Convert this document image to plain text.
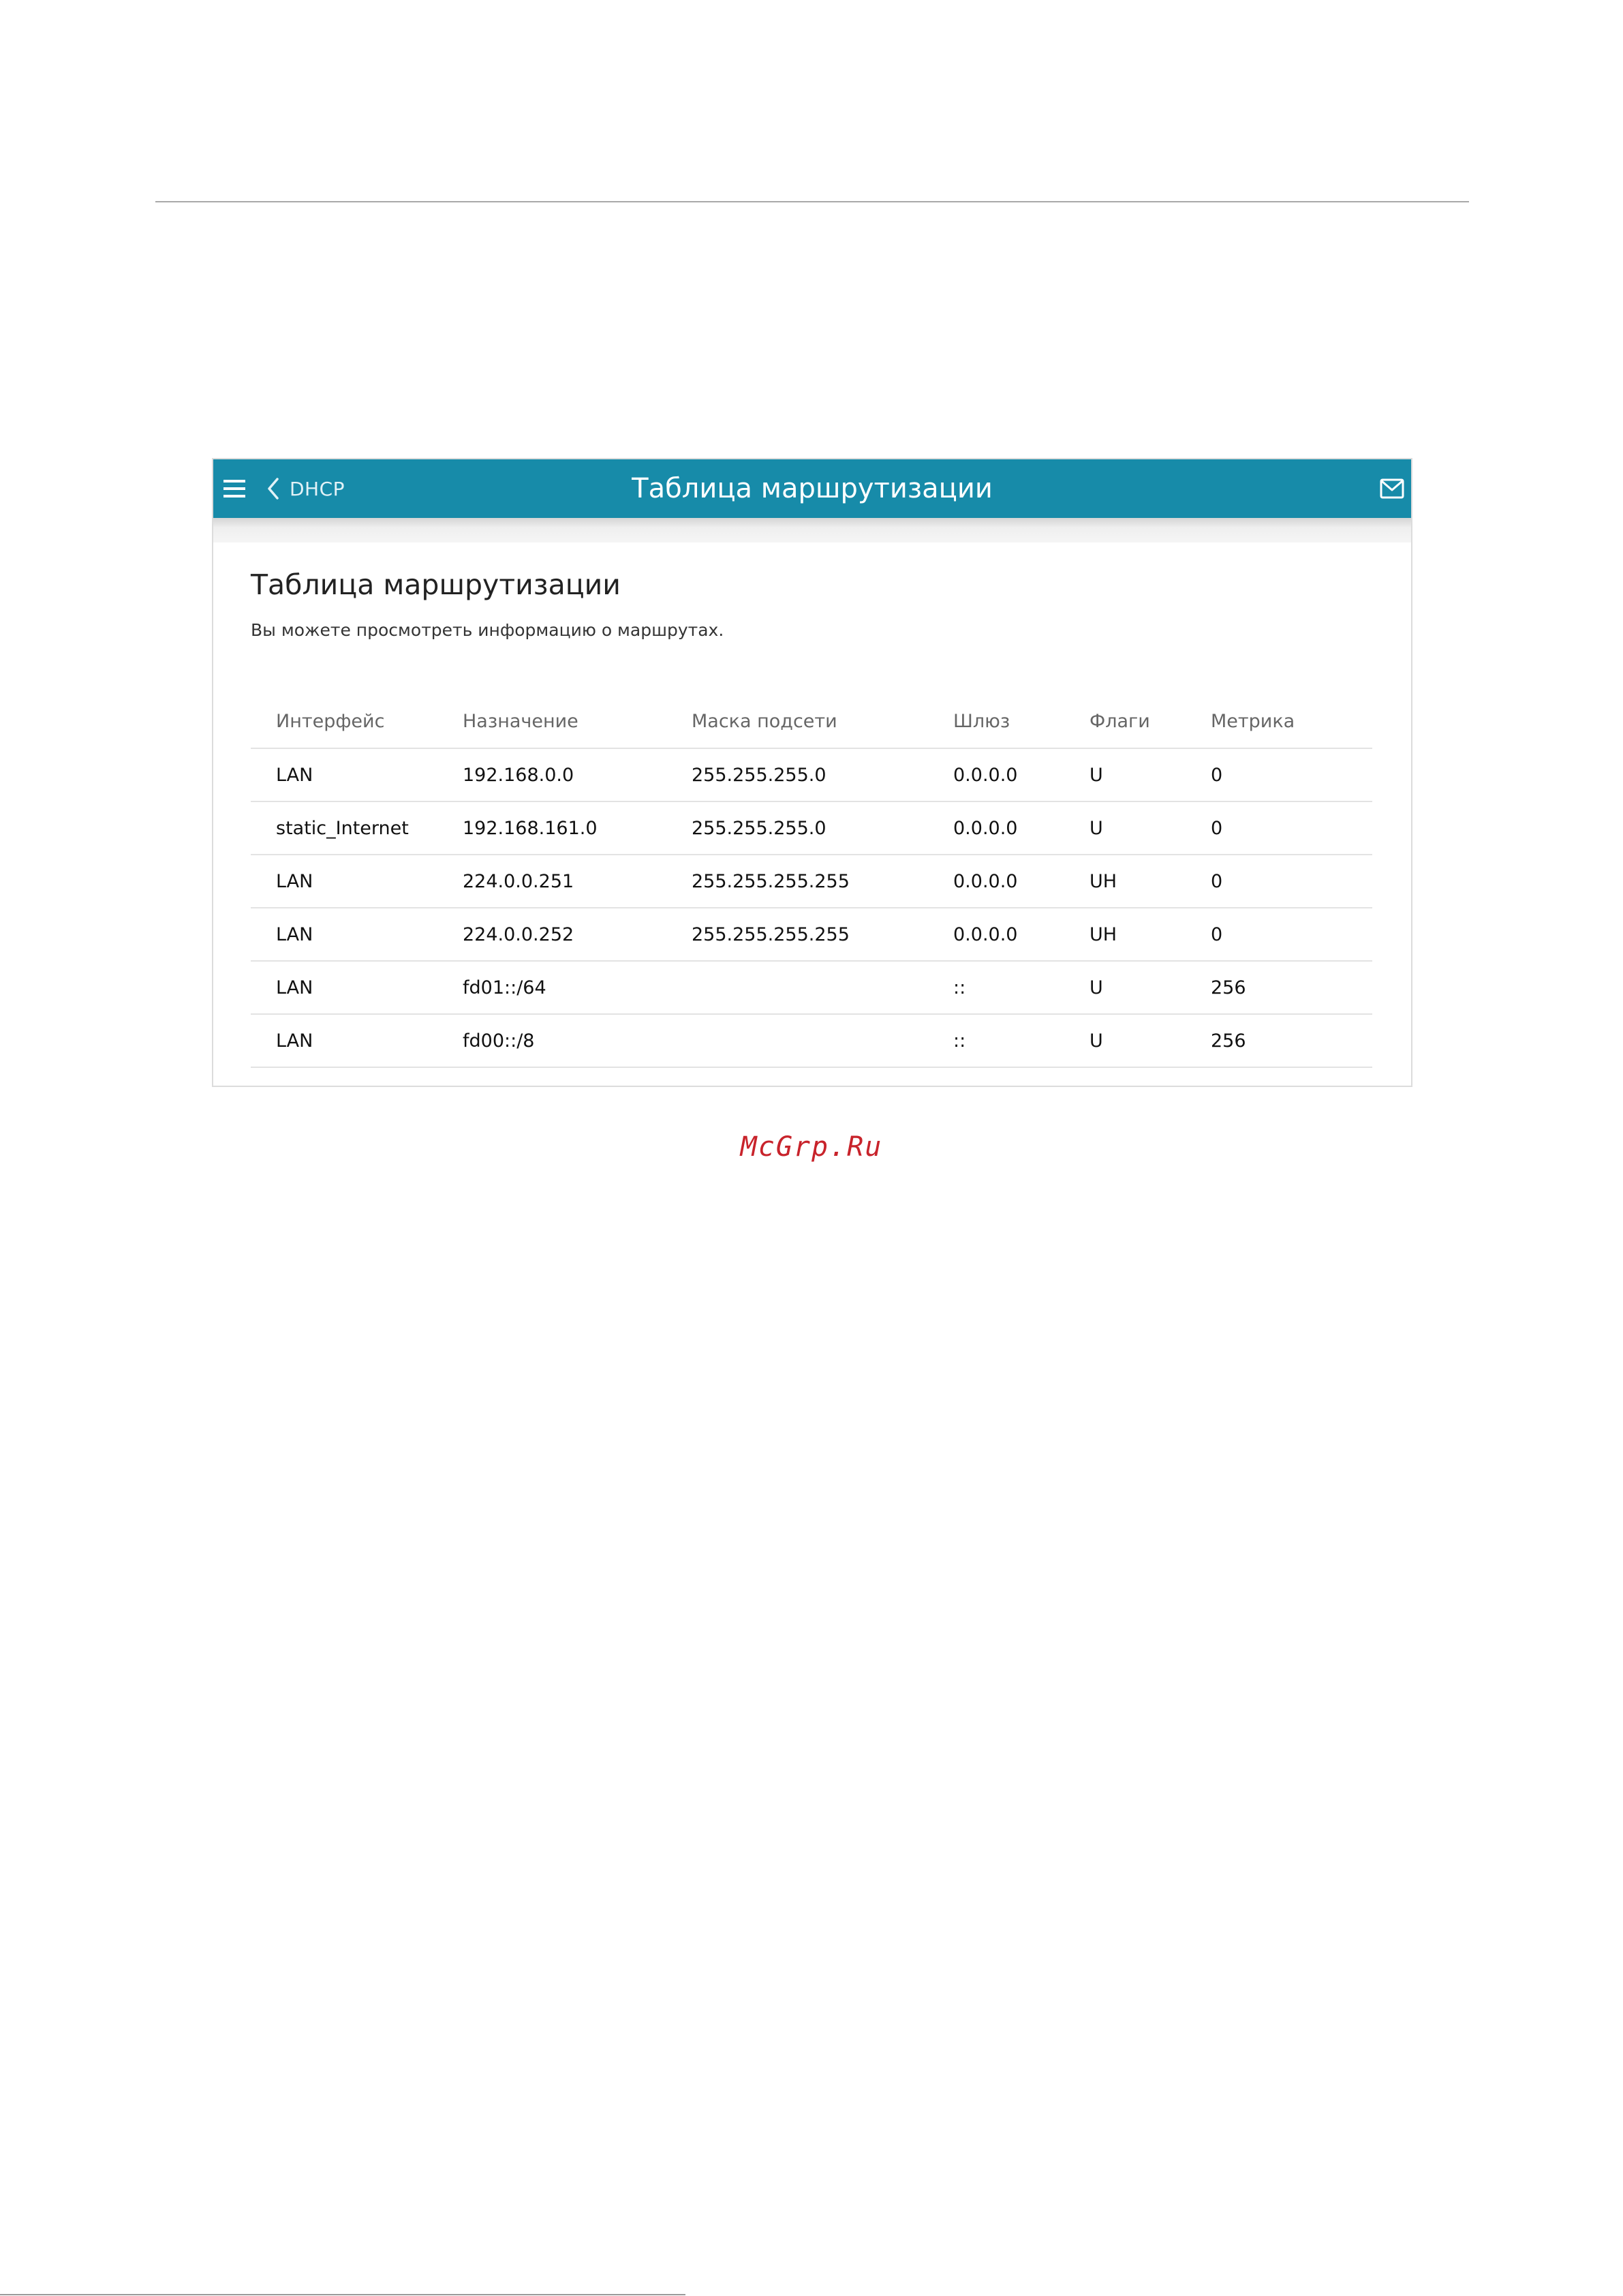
DHCP	Таблица маршрутизации
Таблица маршрутизации
Вы можете просмотреть информацию о маршрутах.
Интерфейс	Назначение	Маска подсети	Шлюз	Флаги	Метрика
LAN	192.168.0.0	255.255.255.0	0.0.0.0	U	0
static_Internet	192.168.161.0	255.255.255.0	0.0.0.0	U	0
LAN	224.0.0.251	255.255.255.255	0.0.0.0	UH	0
LAN	224.0.0.252	255.255.255.255	0.0.0.0	UH	0
LAN	fd01::/64		::	U	256
LAN	fd00::/8		::	U	256
McGrp.Ru
